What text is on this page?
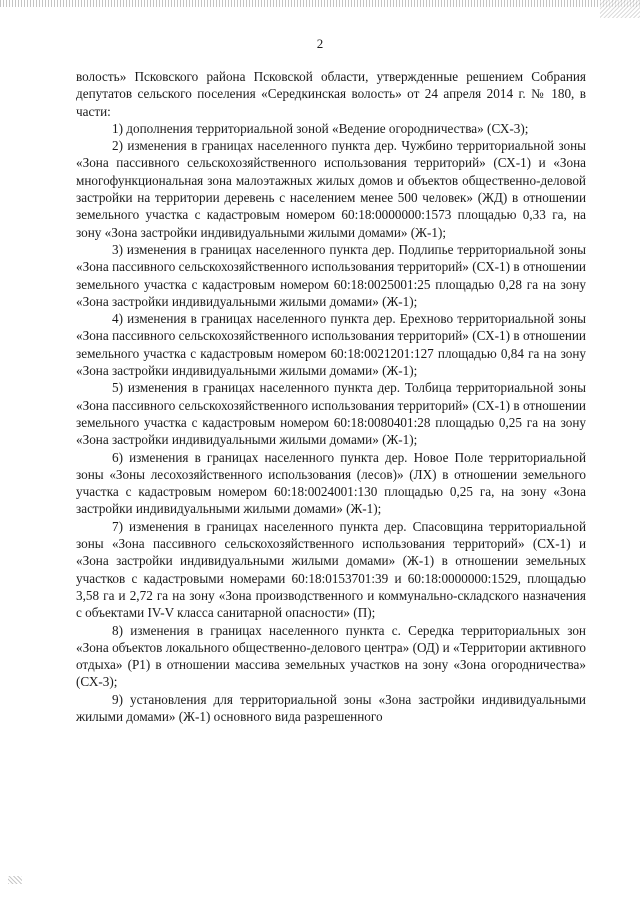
2

волость» Псковского района Псковской области, утвержденные решением Собрания депутатов сельского поселения «Середкинская волость» от 24 апреля 2014 г. № 180, в части:

1) дополнения территориальной зоной «Ведение огородничества» (СХ-3);

2) изменения в границах населенного пункта дер. Чужбино территориальной зоны «Зона пассивного сельскохозяйственного использования территорий» (СХ-1) и «Зона многофункциональная зона малоэтажных жилых домов и объектов общественно-деловой застройки на территории деревень с населением менее 500 человек» (ЖД) в отношении земельного участка с кадастровым номером 60:18:0000000:1573 площадью 0,33 га, на зону «Зона застройки индивидуальными жилыми домами» (Ж-1);

3) изменения в границах населенного пункта дер. Подлипье территориальной зоны «Зона пассивного сельскохозяйственного использования территорий» (СХ-1) в отношении земельного участка с кадастровым номером 60:18:0025001:25 площадью 0,28 га на зону «Зона застройки индивидуальными жилыми домами» (Ж-1);

4) изменения в границах населенного пункта дер. Ерехново территориальной зоны «Зона пассивного сельскохозяйственного использования территорий» (СХ-1) в отношении земельного участка с кадастровым номером 60:18:0021201:127 площадью 0,84 га на зону «Зона застройки индивидуальными жилыми домами» (Ж-1);

5) изменения в границах населенного пункта дер. Толбица территориальной зоны «Зона пассивного сельскохозяйственного использования территорий» (СХ-1) в отношении земельного участка с кадастровым номером 60:18:0080401:28 площадью 0,25 га на зону «Зона застройки индивидуальными жилыми домами» (Ж-1);

6) изменения в границах населенного пункта дер. Новое Поле территориальной зоны «Зоны лесохозяйственного использования (лесов)» (ЛХ) в отношении земельного участка с кадастровым номером 60:18:0024001:130 площадью 0,25 га, на зону «Зона застройки индивидуальными жилыми домами» (Ж-1);

7) изменения в границах населенного пункта дер. Спасовщина территориальной зоны «Зона пассивного сельскохозяйственного использования территорий» (СХ-1) и «Зона застройки индивидуальными жилыми домами» (Ж-1) в отношении земельных участков с кадастровыми номерами 60:18:0153701:39 и 60:18:0000000:1529, площадью 3,58 га и 2,72 га на зону «Зона производственного и коммунально-складского назначения с объектами IV-V класса санитарной опасности» (П);

8) изменения в границах населенного пункта с. Середка территориальных зон «Зона объектов локального общественно-делового центра» (ОД) и «Территории активного отдыха» (Р1) в отношении массива земельных участков на зону «Зона огородничества» (СХ-3);

9) установления для территориальной зоны «Зона застройки индивидуальными жилыми домами» (Ж-1) основного вида разрешенного
